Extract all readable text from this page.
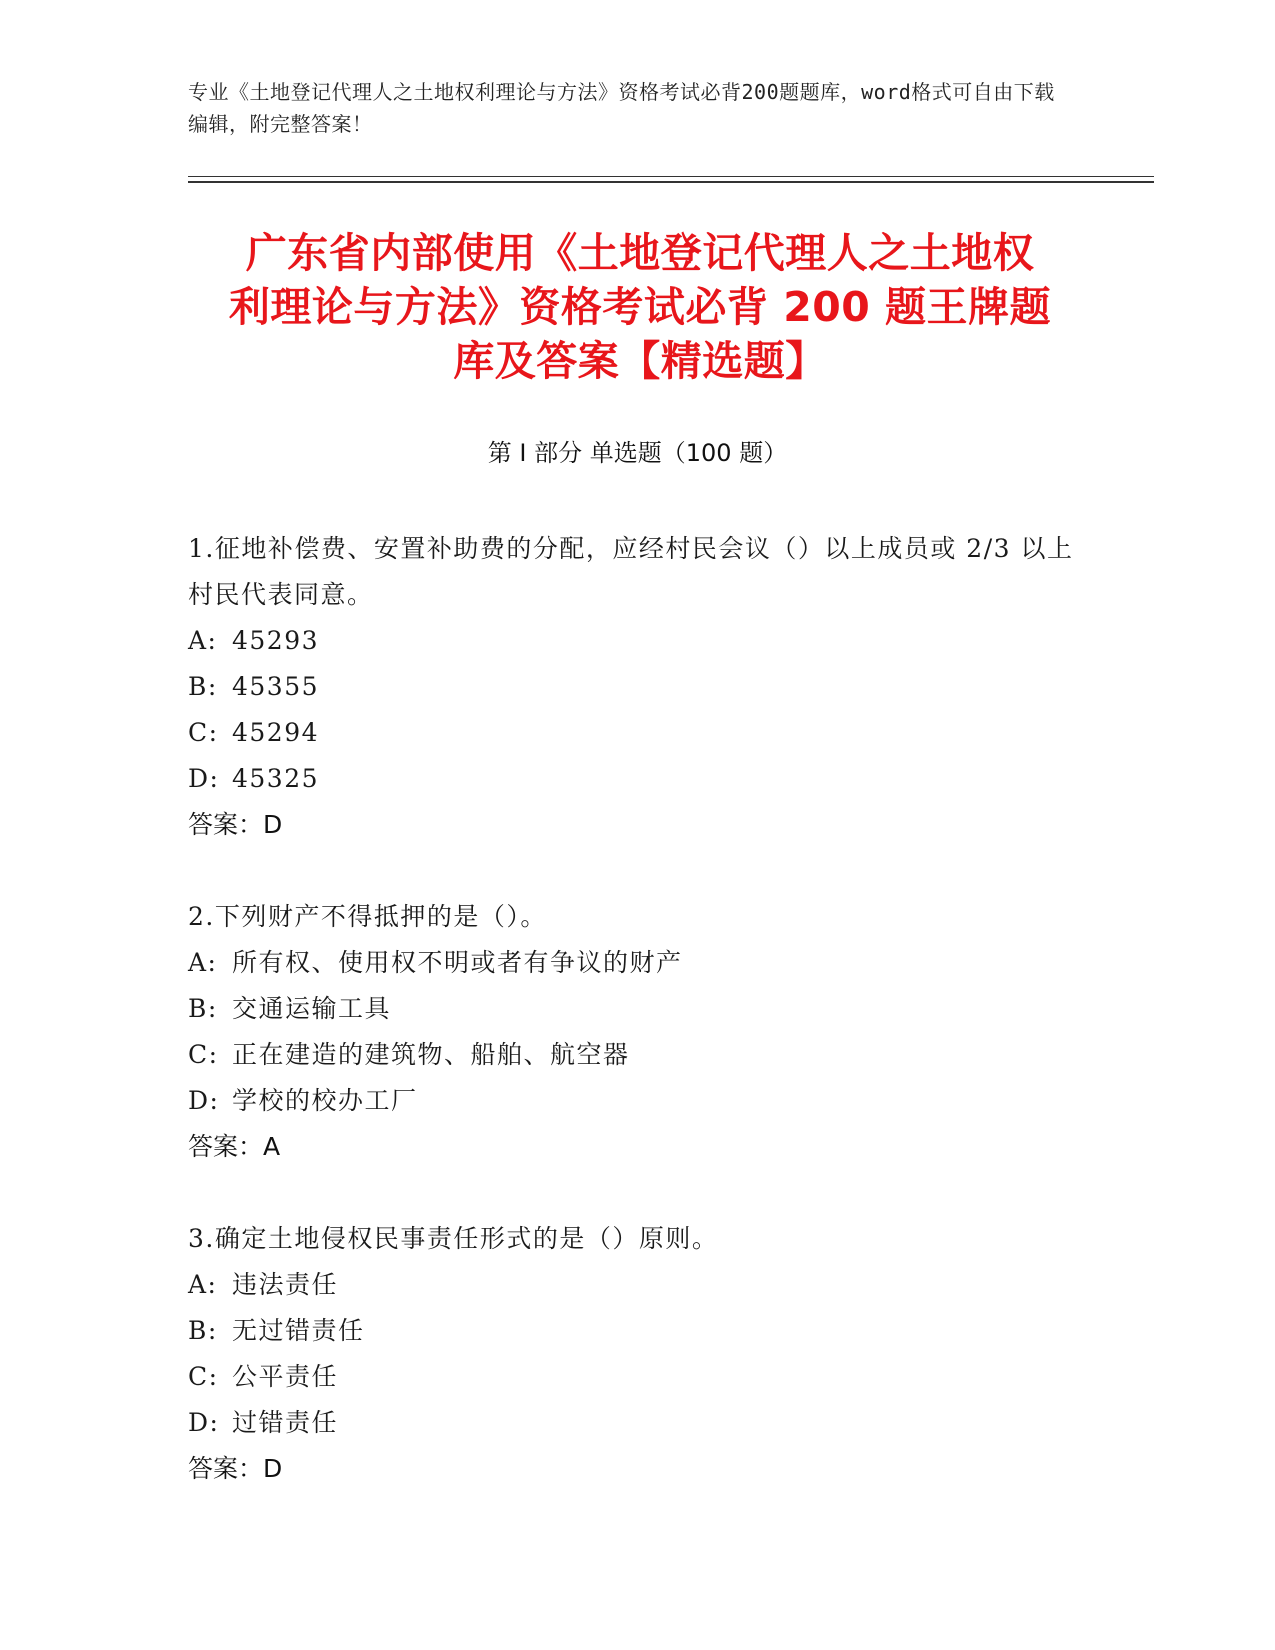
专业《土地登记代理人之土地权利理论与方法》资格考试必背200题题库，word格式可自由下载编辑，附完整答案！
广东省内部使用《土地登记代理人之土地权
利理论与方法》资格考试必背 200 题王牌题
库及答案【精选题】
第 I 部分 单选题（100 题）

1.征地补偿费、安置补助费的分配，应经村民会议（）以上成员或 2/3 以上村民代表同意。

A: 45293
B: 45355
C: 45294
D: 45325

答案：D

2.下列财产不得抵押的是（）。

A: 所有权、使用权不明或者有争议的财产
B: 交通运输工具
C: 正在建造的建筑物、船舶、航空器
D: 学校的校办工厂

答案：A

3.确定土地侵权民事责任形式的是（）原则。

A: 违法责任
B: 无过错责任
C: 公平责任
D: 过错责任

答案：D
